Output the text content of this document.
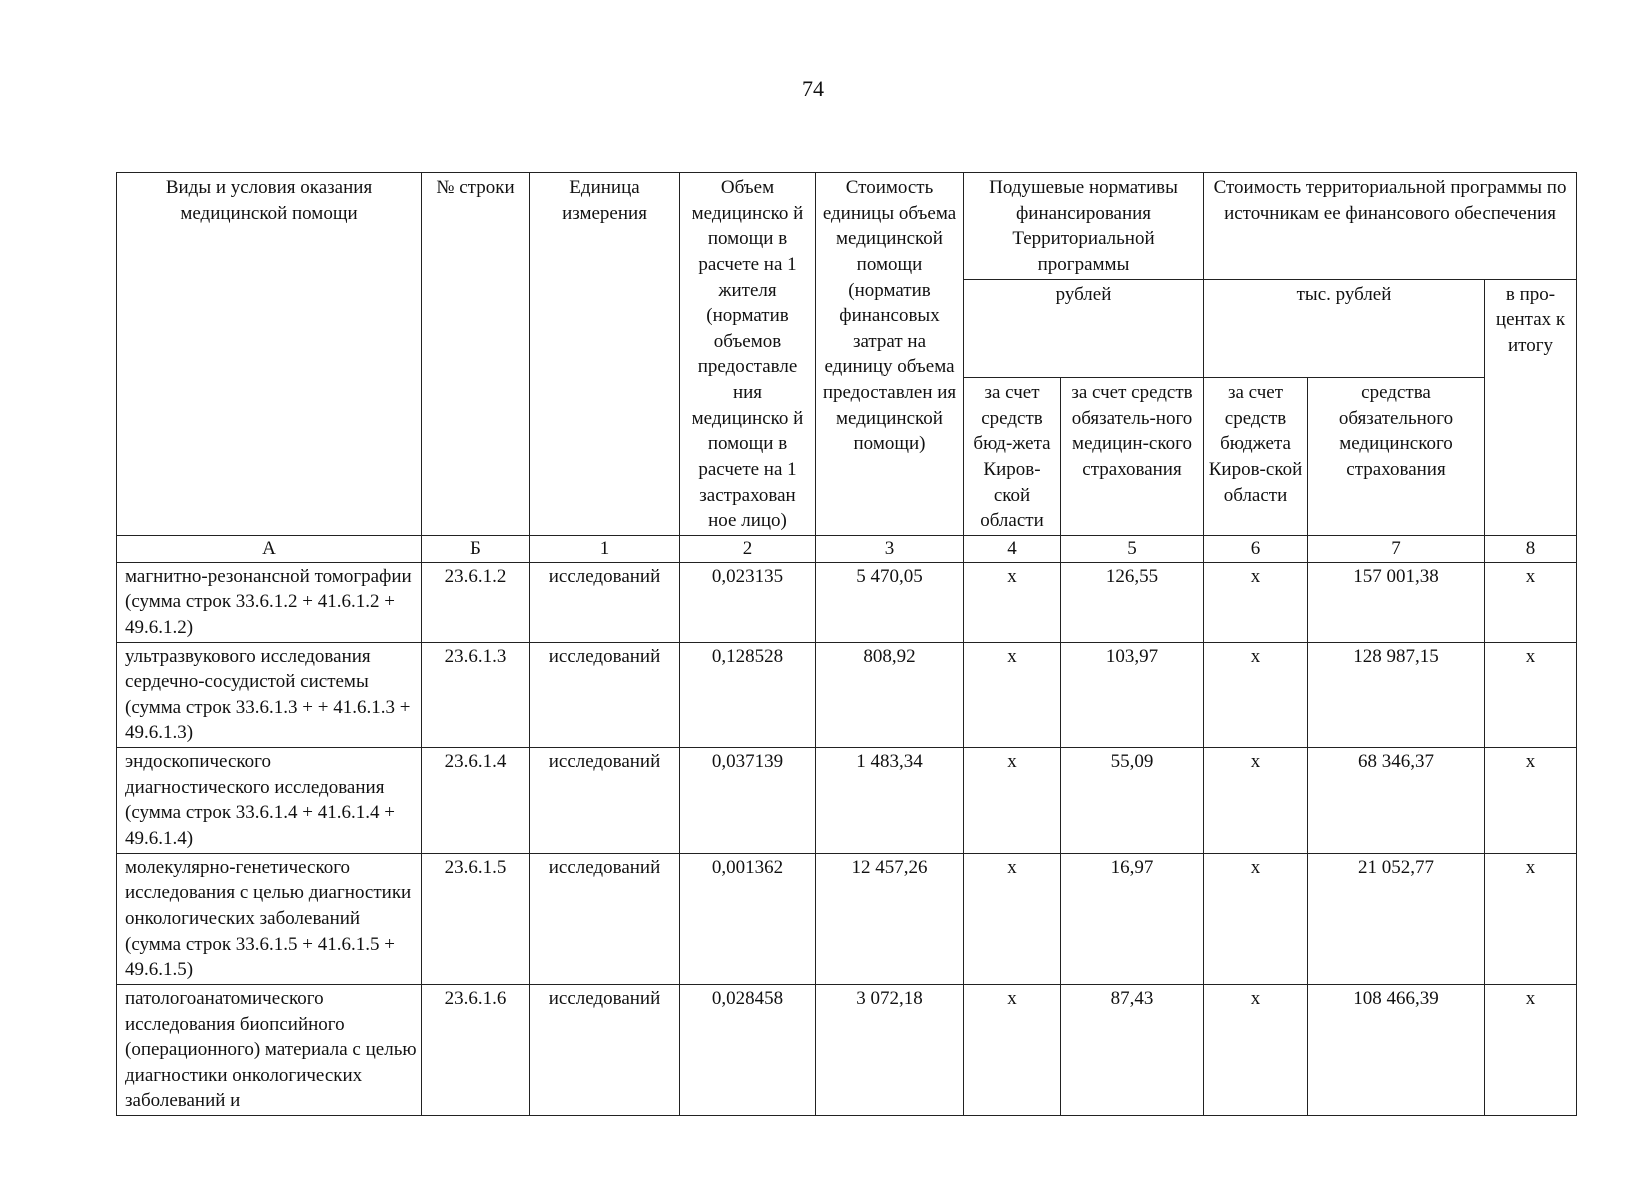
74
Виды и условия оказания медицинской помощи	№ строки	Единица измерения	Объем медицинско й помощи в расчете на 1 жителя (норматив объемов предоставле ния медицинско й помощи в расчете на 1 застрахован ное лицо)	Стоимость единицы объема медицинской помощи (норматив финансовых затрат на единицу объема предоставлен ия медицинской помощи)	Подушевые нормативы финансирования Территориальной программы		Стоимость территориальной программы по источникам ее финансового обеспечения		
					рублей		тыс. рублей		в про-центах к итогу
					за счет средств бюд-жета Киров-ской области	за счет средств обязатель-ного медицин-ского страхования	за счет средств бюджета Киров-ской области	средства обязательного медицинского страхования	
А	Б	1	2	3	4	5	6	7	8
магнитно-резонансной томографии (сумма строк 33.6.1.2 + 41.6.1.2 + 49.6.1.2)	23.6.1.2	исследований	0,023135	5 470,05	х	126,55	х	157 001,38	х
ультразвукового исследования сердечно-сосудистой системы (сумма строк 33.6.1.3 + + 41.6.1.3 + 49.6.1.3)	23.6.1.3	исследований	0,128528	808,92	х	103,97	х	128 987,15	х
эндоскопического диагностического исследования (сумма строк 33.6.1.4 + 41.6.1.4 + 49.6.1.4)	23.6.1.4	исследований	0,037139	1 483,34	х	55,09	х	68 346,37	х
молекулярно-генетического исследования с целью диагностики онкологических заболеваний (сумма строк 33.6.1.5 + 41.6.1.5 + 49.6.1.5)	23.6.1.5	исследований	0,001362	12 457,26	х	16,97	х	21 052,77	х
патологоанатомического исследования биопсийного (операционного) материала с целью диагностики онкологических заболеваний и	23.6.1.6	исследований	0,028458	3 072,18	х	87,43	х	108 466,39	х
